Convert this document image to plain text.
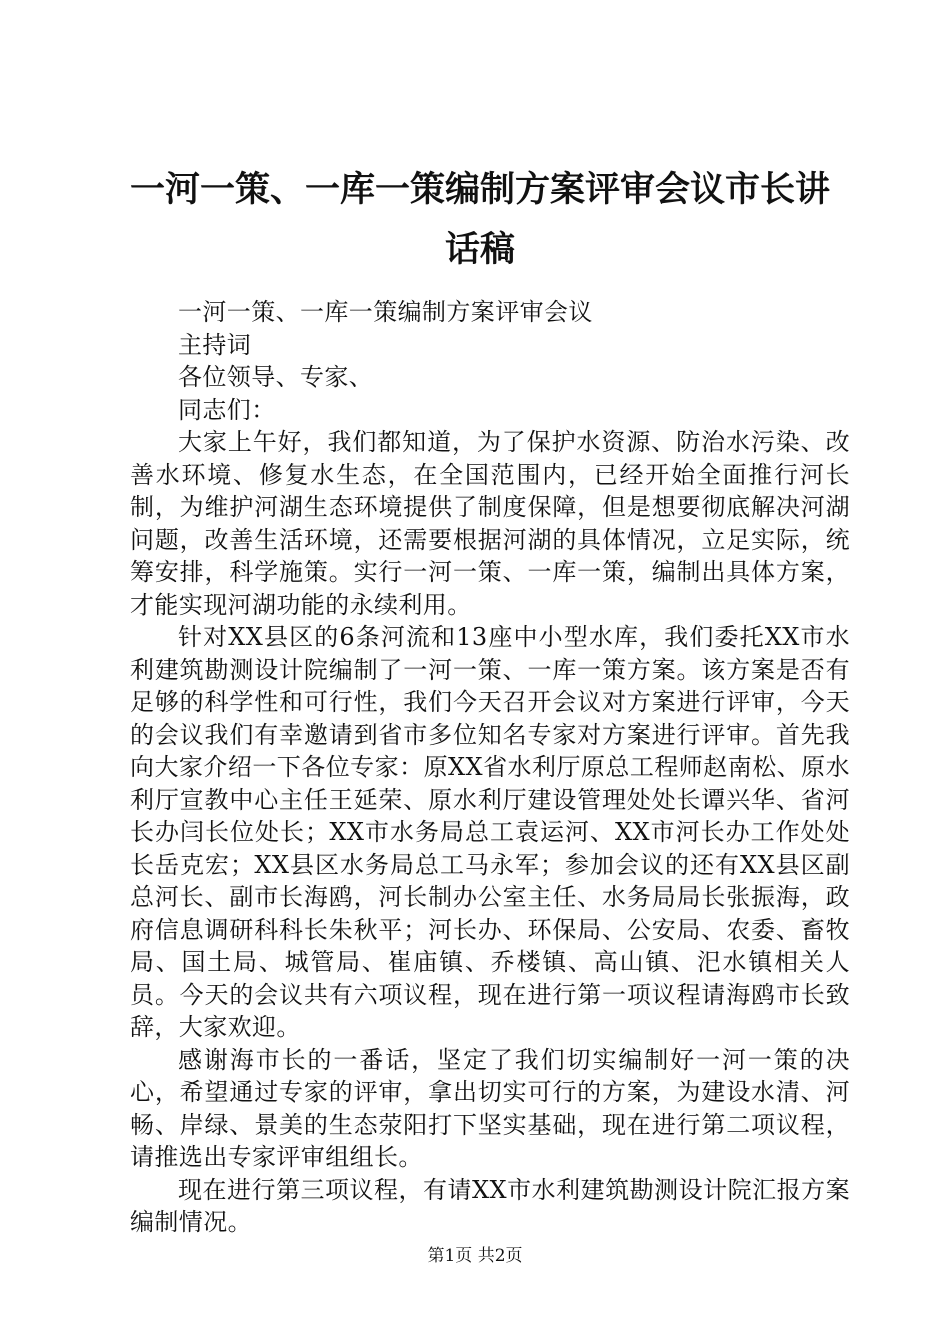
一河一策、一库一策编制方案评审会议市长讲话稿

一河一策、一库一策编制方案评审会议

主持词

各位领导、专家、

同志们：

大家上午好，我们都知道，为了保护水资源、防治水污染、改善水环境、修复水生态，在全国范围内，已经开始全面推行河长制，为维护河湖生态环境提供了制度保障，但是想要彻底解决河湖问题，改善生活环境，还需要根据河湖的具体情况，立足实际，统筹安排，科学施策。实行一河一策、一库一策，编制出具体方案，才能实现河湖功能的永续利用。

针对XX县区的6条河流和13座中小型水库，我们委托XX市水利建筑勘测设计院编制了一河一策、一库一策方案。该方案是否有足够的科学性和可行性，我们今天召开会议对方案进行评审，今天的会议我们有幸邀请到省市多位知名专家对方案进行评审。首先我向大家介绍一下各位专家：原XX省水利厅原总工程师赵南松、原水利厅宣教中心主任王延荣、原水利厅建设管理处处长谭兴华、省河长办闫长位处长；XX市水务局总工袁运河、XX市河长办工作处处长岳克宏；XX县区水务局总工马永军；参加会议的还有XX县区副总河长、副市长海鸥，河长制办公室主任、水务局局长张振海，政府信息调研科科长朱秋平；河长办、环保局、公安局、农委、畜牧局、国土局、城管局、崔庙镇、乔楼镇、高山镇、汜水镇相关人员。今天的会议共有六项议程，现在进行第一项议程请海鸥市长致辞，大家欢迎。

感谢海市长的一番话，坚定了我们切实编制好一河一策的决心，希望通过专家的评审，拿出切实可行的方案，为建设水清、河畅、岸绿、景美的生态荥阳打下坚实基础，现在进行第二项议程，请推选出专家评审组组长。

现在进行第三项议程，有请XX市水利建筑勘测设计院汇报方案编制情况。

第1页 共2页
